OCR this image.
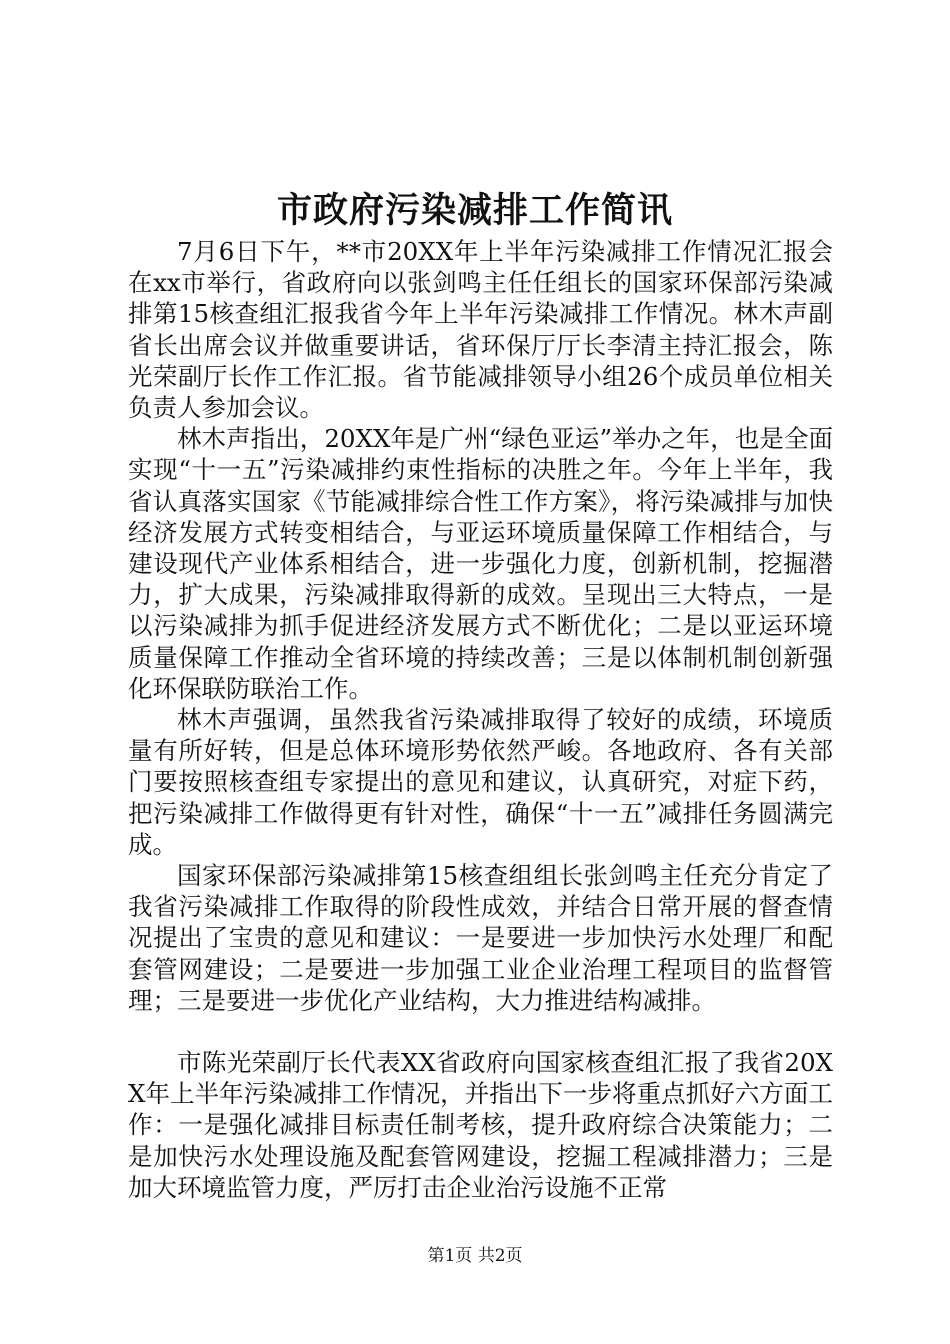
市政府污染减排工作简讯

7月6日下午，**市20XX年上半年污染减排工作情况汇报会在xx市举行，省政府向以张剑鸣主任任组长的国家环保部污染减排第15核查组汇报我省今年上半年污染减排工作情况。林木声副省长出席会议并做重要讲话，省环保厅厅长李清主持汇报会，陈光荣副厅长作工作汇报。省节能减排领导小组26个成员单位相关负责人参加会议。

林木声指出，20XX年是广州“绿色亚运”举办之年，也是全面实现“十一五”污染减排约束性指标的决胜之年。今年上半年，我省认真落实国家《节能减排综合性工作方案》，将污染减排与加快经济发展方式转变相结合，与亚运环境质量保障工作相结合，与建设现代产业体系相结合，进一步强化力度，创新机制，挖掘潜力，扩大成果，污染减排取得新的成效。呈现出三大特点，一是以污染减排为抓手促进经济发展方式不断优化；二是以亚运环境质量保障工作推动全省环境的持续改善；三是以体制机制创新强化环保联防联治工作。

林木声强调，虽然我省污染减排取得了较好的成绩，环境质量有所好转，但是总体环境形势依然严峻。各地政府、各有关部门要按照核查组专家提出的意见和建议，认真研究，对症下药，把污染减排工作做得更有针对性，确保“十一五”减排任务圆满完成。

国家环保部污染减排第15核查组组长张剑鸣主任充分肯定了我省污染减排工作取得的阶段性成效，并结合日常开展的督查情况提出了宝贵的意见和建议：一是要进一步加快污水处理厂和配套管网建设；二是要进一步加强工业企业治理工程项目的监督管理；三是要进一步优化产业结构，大力推进结构减排。

市陈光荣副厅长代表XX省政府向国家核查组汇报了我省20XX年上半年污染减排工作情况，并指出下一步将重点抓好六方面工作：一是强化减排目标责任制考核，提升政府综合决策能力；二是加快污水处理设施及配套管网建设，挖掘工程减排潜力；三是加大环境监管力度，严厉打击企业治污设施不正常

第1页 共2页
